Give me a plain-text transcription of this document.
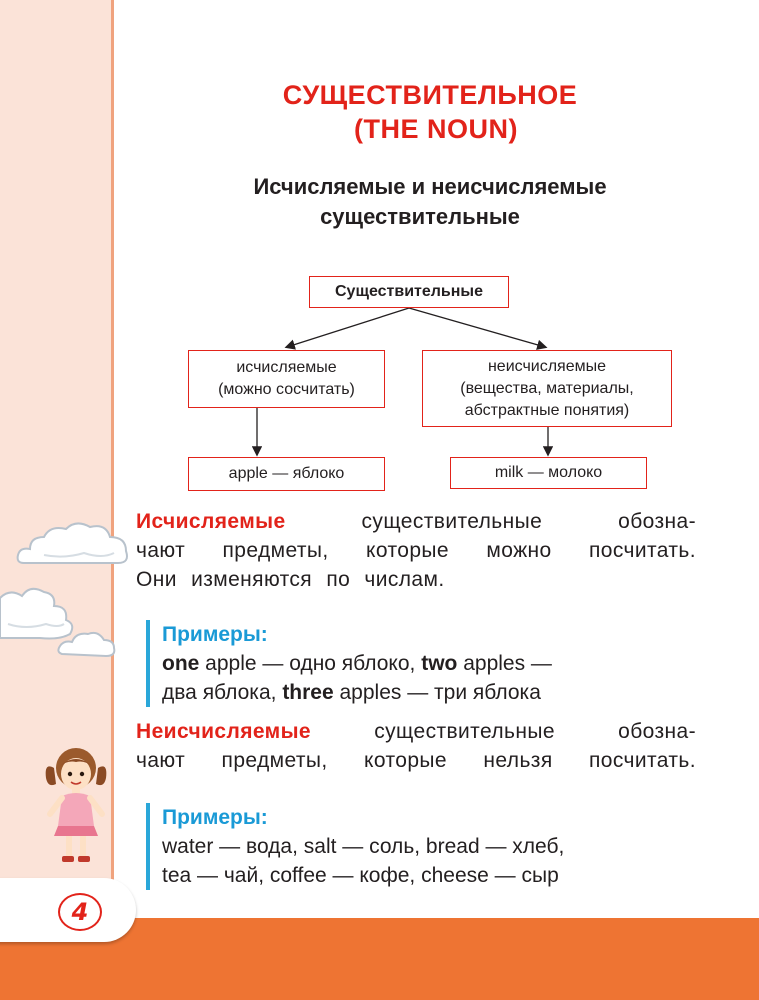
4
СУЩЕСТВИТЕЛЬНОЕ
(THE NOUN)
Исчисляемые и неисчисляемые
существительные
Существительные
исчисляемые
(можно сосчитать)
неисчисляемые
(вещества, материалы,
абстрактные понятия)
apple — яблоко	milk — молоко
Исчисляемые	существительные обозна-
чают предметы, которые можно посчитать.
Они изменяются по числам.
Примеры:
one apple — одно яблоко, two apples —
два яблока, three apples — три яблока
Неисчисляемые	существительные обозна-
чают предметы, которые нельзя посчитать.
Примеры:
water — вода, salt — соль, bread — хлеб,
tea — чай, coffee — кофе, cheese — сыр
